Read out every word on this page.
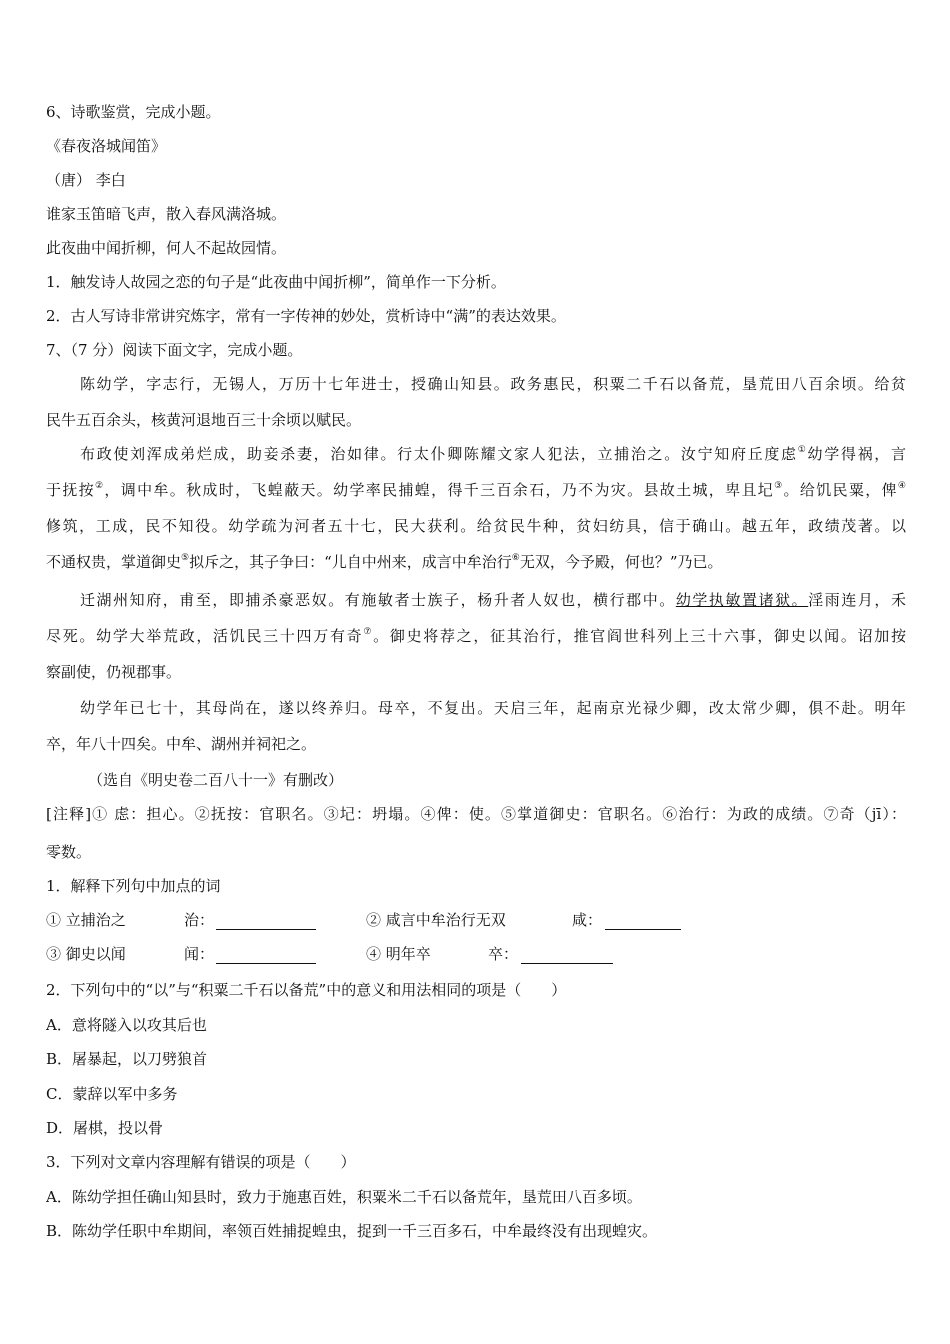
6、诗歌鉴赏，完成小题。
《春夜洛城闻笛》
（唐） 李白
谁家玉笛暗飞声，散入春风满洛城。
此夜曲中闻折柳，何人不起故园情。
1．触发诗人故园之恋的句子是“此夜曲中闻折柳”，简单作一下分析。
2．古人写诗非常讲究炼字，常有一字传神的妙处，赏析诗中“满”的表达效果。
7、（7 分）阅读下面文字，完成小题。
陈幼学，字志行，无锡人，万历十七年进士，授确山知县。政务惠民，积粟二千石以备荒，垦荒田八百余顷。给贫
民牛五百余头，核黄河退地百三十余顷以赋民。
布政使刘浑成弟烂成，助妾杀妻，治如律。行太仆卿陈耀文家人犯法，立捕治之。汝宁知府丘度虑①幼学得祸，言
于抚按②，调中牟。秋成时，飞蝗蔽天。幼学率民捕蝗，得千三百余石，乃不为灾。县故土城，卑且圮③。给饥民粟，俾④
修筑，工成，民不知役。幼学疏为河者五十七，民大获利。给贫民牛种，贫妇纺具，信于确山。越五年，政绩茂著。以
不通权贵，掌道御史⑤拟斥之，其子争曰：“儿自中州来，成言中牟治行⑥无双，今予殿，何也？”乃已。
迁湖州知府，甫至，即捕杀豪恶奴。有施敏者士族子，杨升者人奴也，横行郡中。幼学执敏置诸狱。淫雨连月，禾
尽死。幼学大举荒政，活饥民三十四万有奇⑦。御史将荐之，征其治行，推官阎世科列上三十六事，御史以闻。诏加按
察副使，仍视郡事。
幼学年已七十，其母尚在，遂以终养归。母卒，不复出。天启三年，起南京光禄少卿，改太常少卿，俱不赴。明年
卒，年八十四矣。中牟、湖州并祠祀之。
（选自《明史卷二百八十一》有删改）
[注释]① 虑：担心。②抚按：官职名。③圮：坍塌。④俾：使。⑤掌道御史：官职名。⑥治行：为政的成绩。⑦奇（jī）：
零数。
1．解释下列句中加点的词
① 立捕治之	治：	② 咸言中牟治行无双	咸：
③ 御史以闻	闻：	④ 明年卒	卒：
2．下列句中的“以”与“积粟二千石以备荒”中的意义和用法相同的项是（　　）
A．意将隧入以攻其后也
B．屠暴起，以刀劈狼首
C．蒙辞以军中多务
D．屠棋，投以骨
3．下列对文章内容理解有错误的项是（　　）
A．陈幼学担任确山知县时，致力于施惠百姓，积粟米二千石以备荒年，垦荒田八百多顷。
B．陈幼学任职中牟期间，率领百姓捕捉蝗虫，捉到一千三百多石，中牟最终没有出现蝗灾。
